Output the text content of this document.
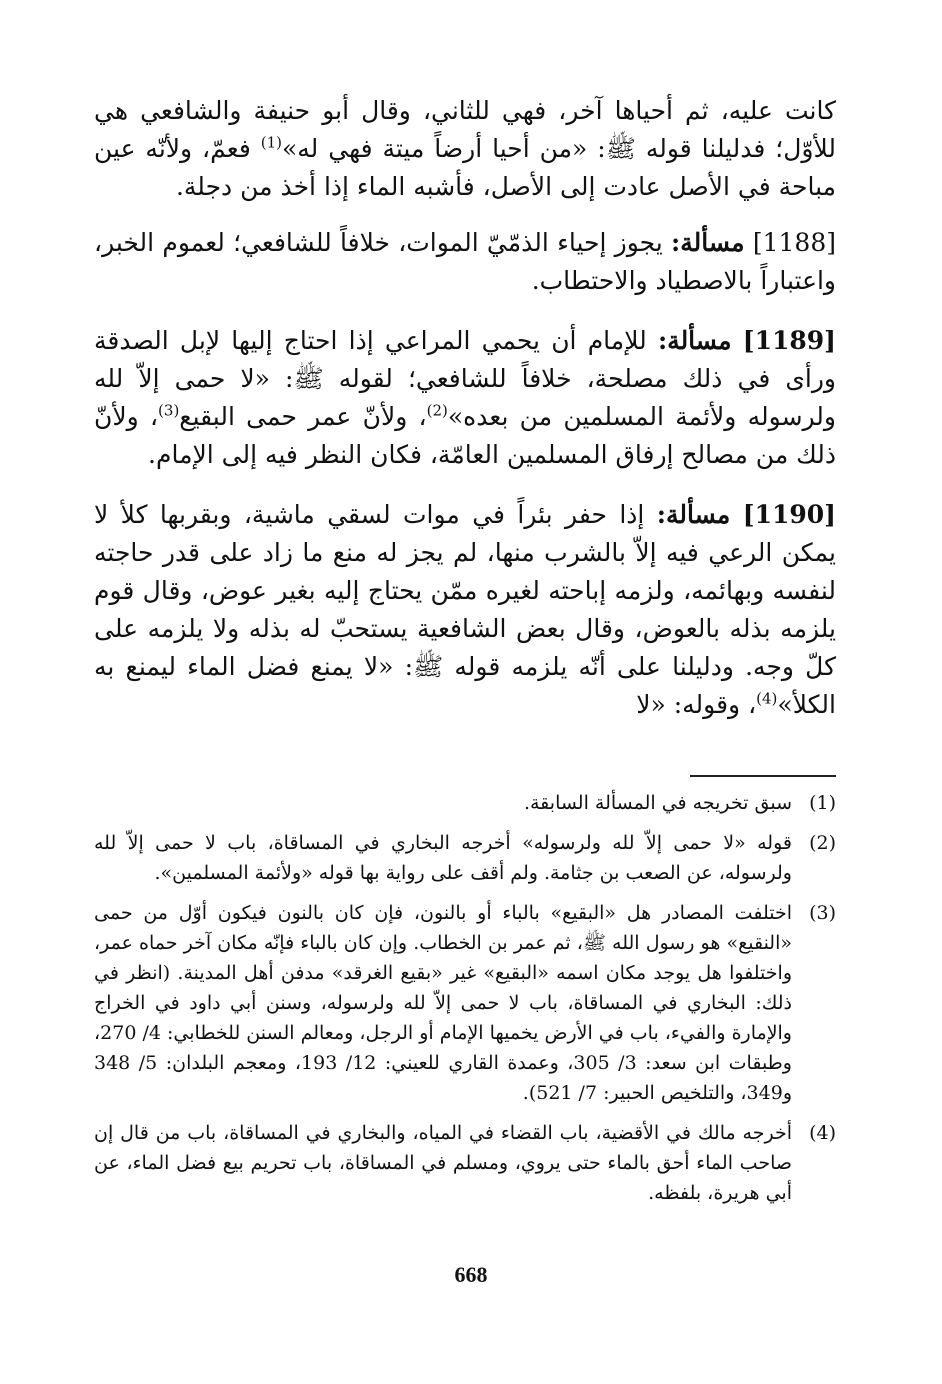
كانت عليه، ثم أحياها آخر، فهي للثاني، وقال أبو حنيفة والشافعي هي للأوّل؛ فدليلنا قوله ﷺ: «من أحيا أرضاً ميتة فهي له»$^{(1)}$ فعمّ، ولأنّه عين مباحة في الأصل عادت إلى الأصل، فأشبه الماء إذا أخذ من دجلة.

[1188] مسألة: يجوز إحياء الذمّيّ الموات، خلافاً للشافعي؛ لعموم الخبر، واعتباراً بالاصطياد والاحتطاب.

[1189] مسألة: للإمام أن يحمي المراعي إذا احتاج إليها لإبل الصدقة ورأى في ذلك مصلحة، خلافاً للشافعي؛ لقوله ﷺ: «لا حمى إلاّ لله ولرسوله ولأئمة المسلمين من بعده»$^{(2)}$، ولأنّ عمر حمى البقيع$^{(3)}$، ولأنّ ذلك من مصالح إرفاق المسلمين العامّة، فكان النظر فيه إلى الإمام.

[1190] مسألة: إذا حفر بئراً في موات لسقي ماشية، وبقربها كلأ لا يمكن الرعي فيه إلاّ بالشرب منها، لم يجز له منع ما زاد على قدر حاجته لنفسه وبهائمه، ولزمه إباحته لغيره ممّن يحتاج إليه بغير عوض، وقال قوم يلزمه بذله بالعوض، وقال بعض الشافعية يستحبّ له بذله ولا يلزمه على كلّ وجه. ودليلنا على أنّه يلزمه قوله ﷺ: «لا يمنع فضل الماء ليمنع به الكلأ»$^{(4)}$، وقوله: «لا

(1)
سبق تخريجه في المسألة السابقة.
(2)
قوله «لا حمى إلاّ لله ولرسوله» أخرجه البخاري في المساقاة، باب لا حمى إلاّ لله ولرسوله، عن الصعب بن جثامة. ولم أقف على رواية بها قوله «ولأئمة المسلمين».
(3)
اختلفت المصادر هل «البقيع» بالباء أو بالنون، فإن كان بالنون فيكون أوّل من حمى «النقيع» هو رسول الله ﷺ، ثم عمر بن الخطاب. وإن كان بالباء فإنّه مكان آخر حماه عمر، واختلفوا هل يوجد مكان اسمه «البقيع» غير «بقيع الغرقد» مدفن أهل المدينة. (انظر في ذلك: البخاري في المساقاة، باب لا حمى إلاّ لله ولرسوله، وسنن أبي داود في الخراج والإمارة والفيء، باب في الأرض يخميها الإمام أو الرجل، ومعالم السنن للخطابي: 4/ 270، وطبقات ابن سعد: 3/ 305، وعمدة القاري للعيني: 12/ 193، ومعجم البلدان: 5/ 348 و349، والتلخيص الحبير: 7/ 521).
(4)
أخرجه مالك في الأقضية، باب القضاء في المياه، والبخاري في المساقاة، باب من قال إن صاحب الماء أحق بالماء حتى يروي، ومسلم في المساقاة، باب تحريم بيع فضل الماء، عن أبي هريرة، بلفظه.
668
